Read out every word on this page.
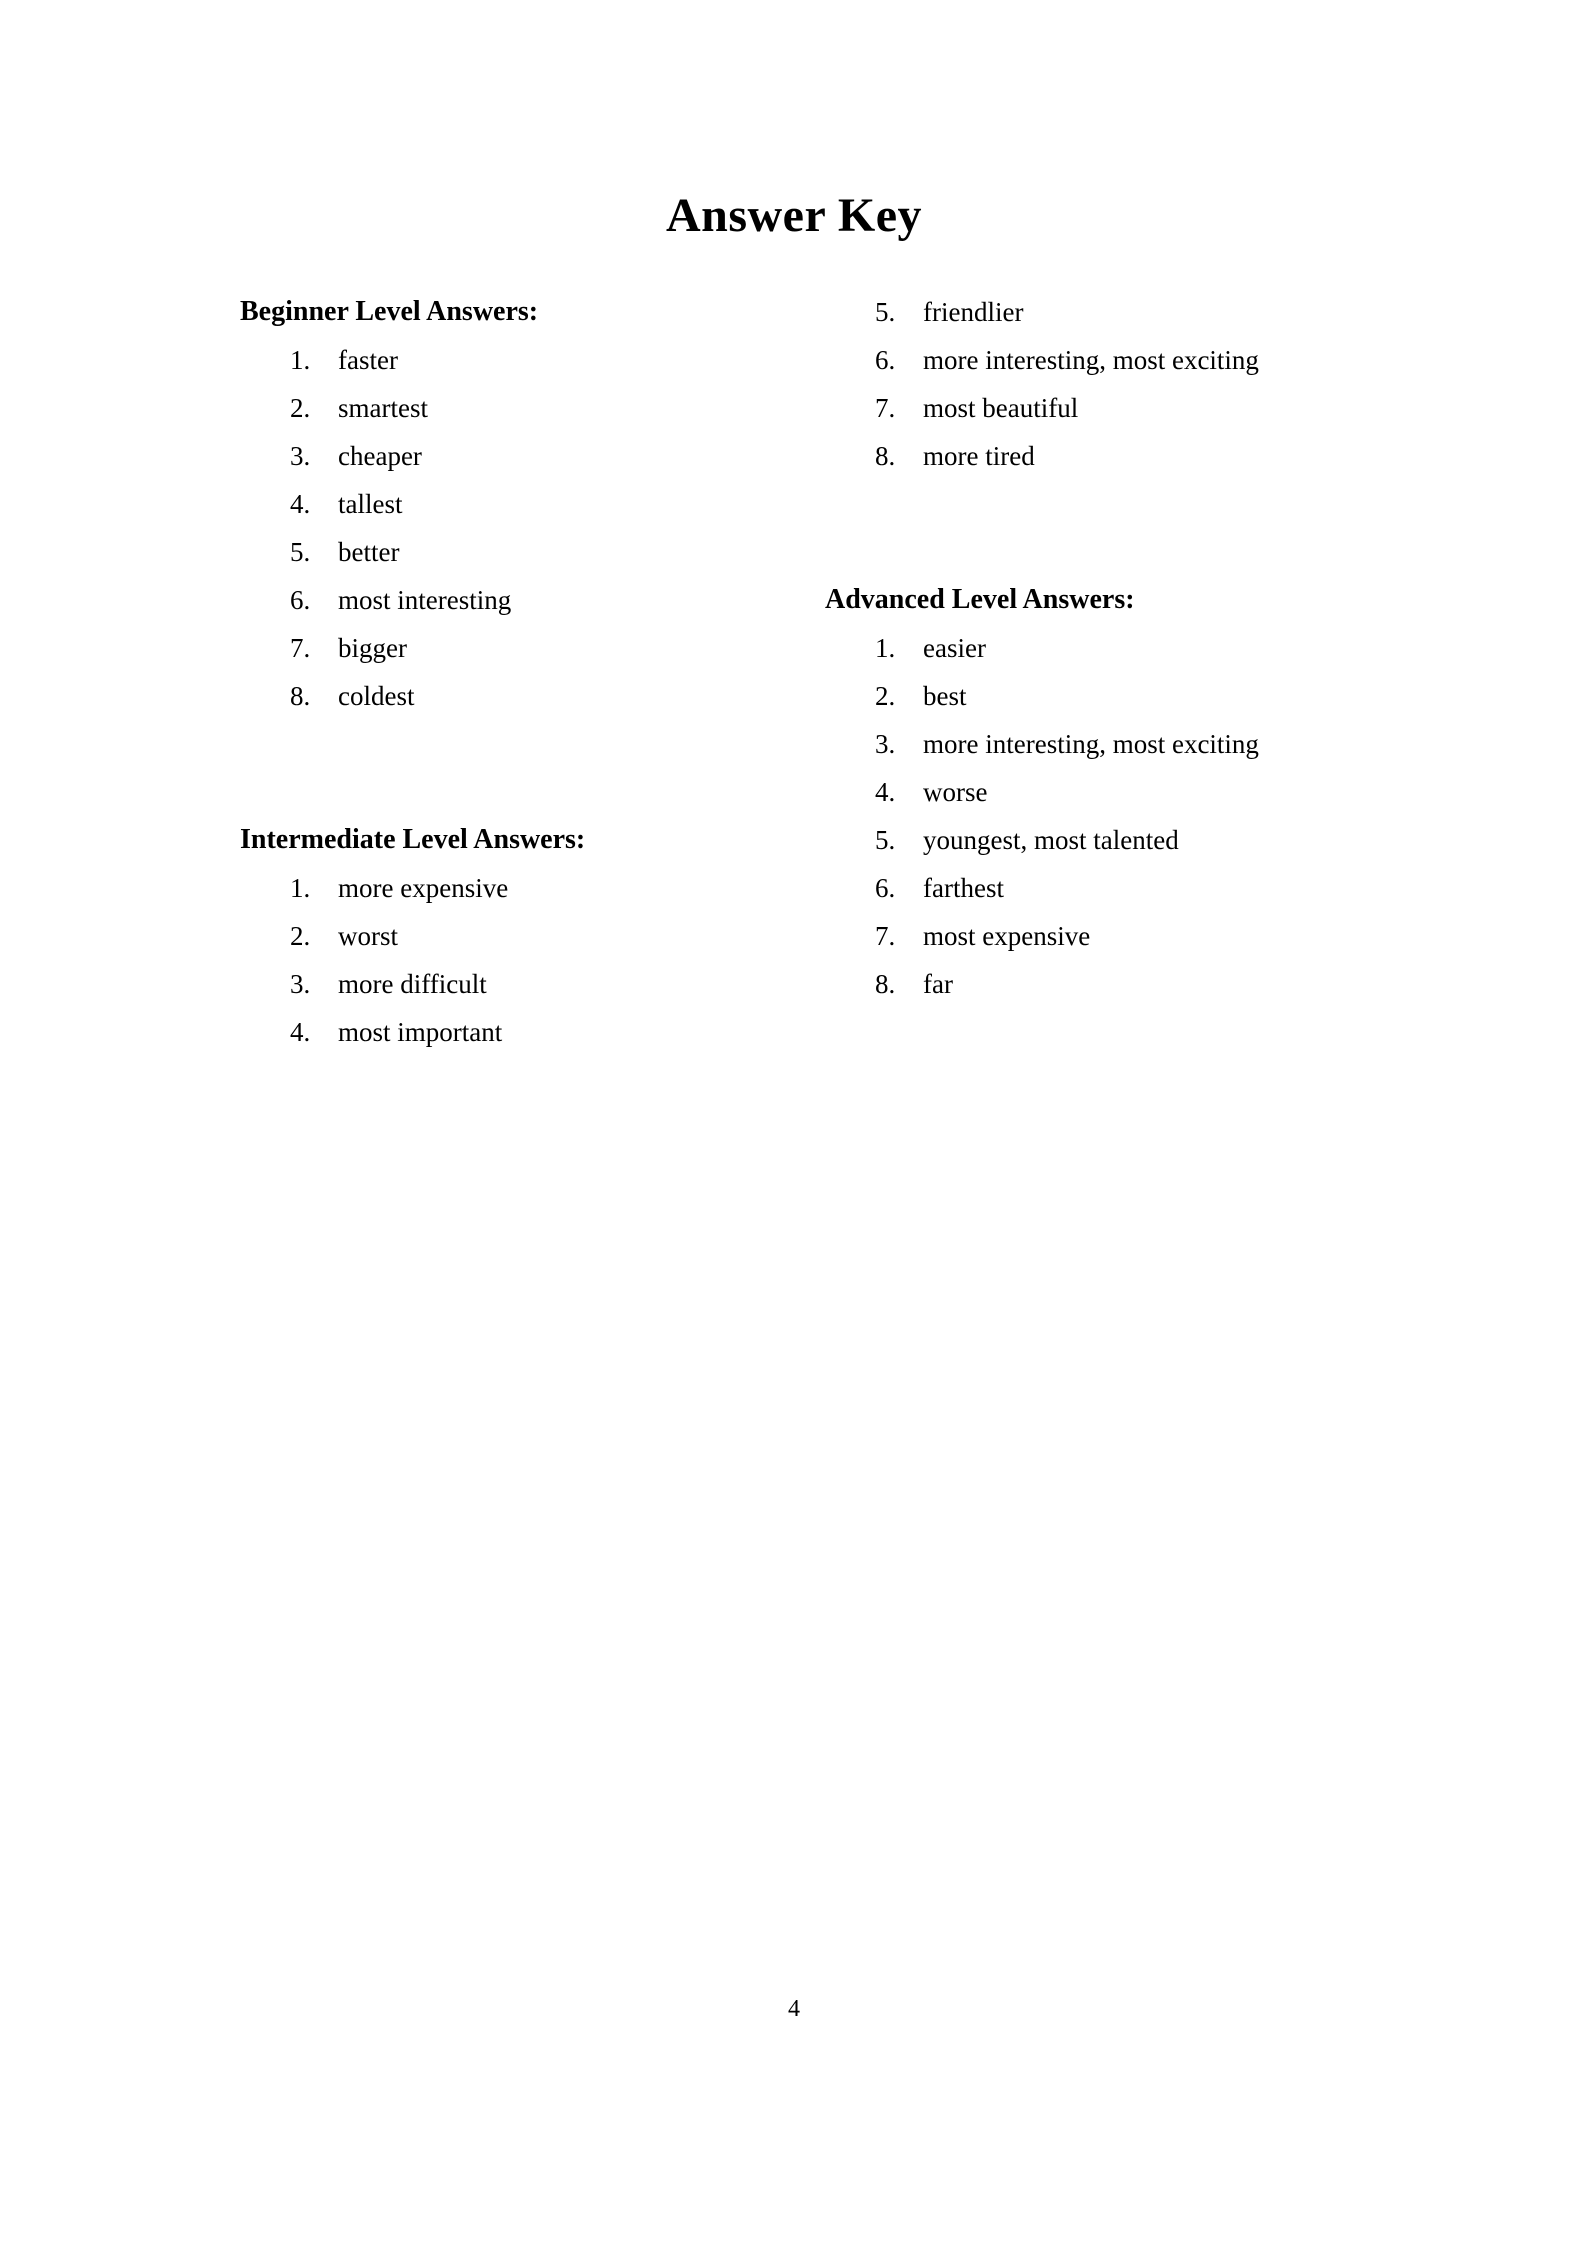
Answer Key
Beginner Level Answers:
1.	faster
2.	smartest
3.	cheaper
4.	tallest
5.	better
6.	most interesting
7.	bigger
8.	coldest
Intermediate Level Answers:
1.	more expensive
2.	worst
3.	more difficult
4.	most important
5.	friendlier
6.	more interesting, most exciting
7.	most beautiful
8.	more tired
Advanced Level Answers:
1.	easier
2.	best
3.	more interesting, most exciting
4.	worse
5.	youngest, most talented
6.	farthest
7.	most expensive
8.	far
4
